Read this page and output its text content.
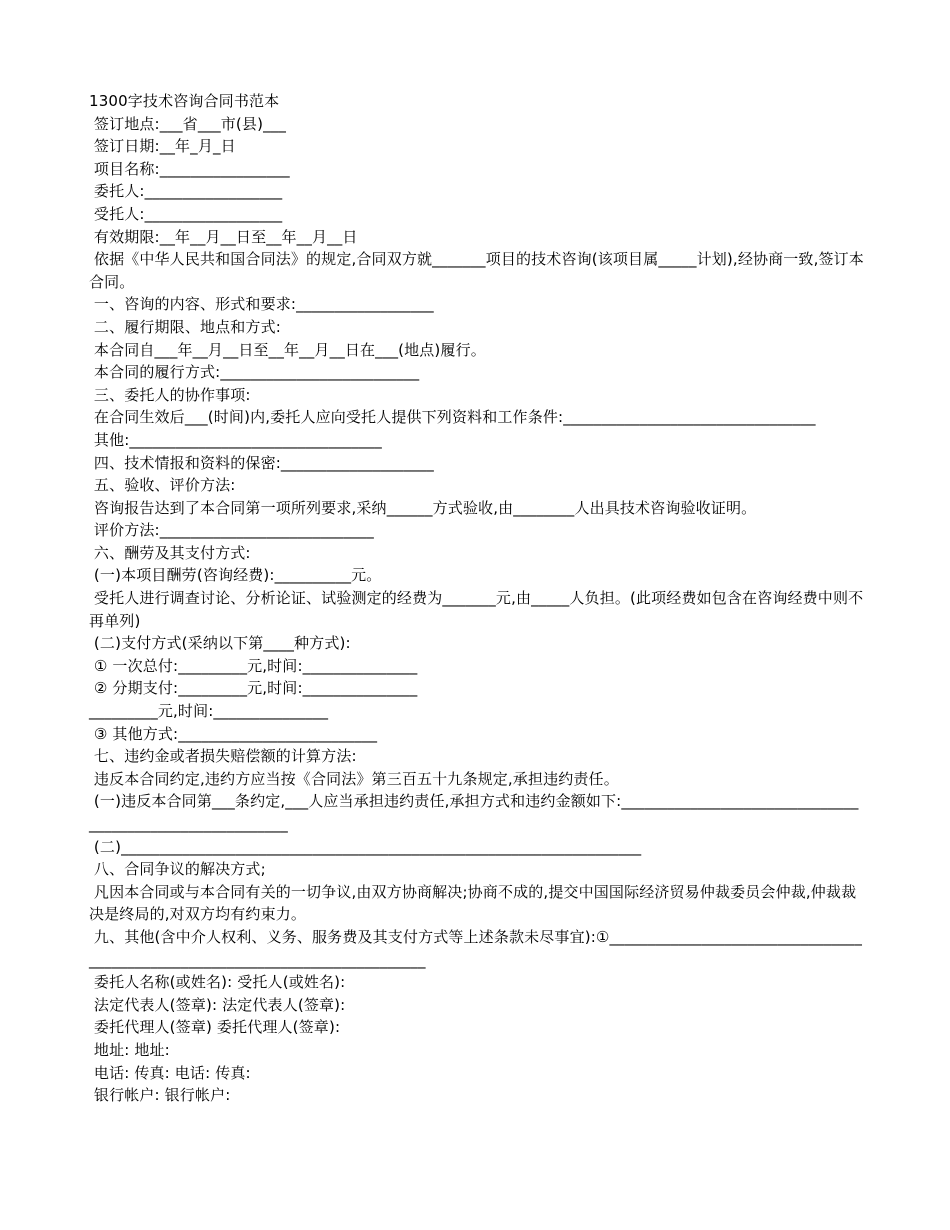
1300字技术咨询合同书范本

签订地点:___省___市(县)___

签订日期:__年_月_日

项目名称:_________________

委托人:__________________

受托人:__________________

有效期限:__年__月__日至__年__月__日

依据《中华人民共和国合同法》的规定,合同双方就_______项目的技术咨询(该项目属_____计划),经协商一致,签订本合同。

一、咨询的内容、形式和要求:__________________

二、履行期限、地点和方式:

本合同自___年__月__日至__年__月__日在___(地点)履行。

本合同的履行方式:__________________________

三、委托人的协作事项:

在合同生效后___(时间)内,委托人应向受托人提供下列资料和工作条件:_________________________________

其他:_________________________________

四、技术情报和资料的保密:____________________

五、验收、评价方法:

咨询报告达到了本合同第一项所列要求,采纳______方式验收,由________人出具技术咨询验收证明。

评价方法:____________________________

六、酬劳及其支付方式:

(一)本项目酬劳(咨询经费):__________元。

受托人进行调查讨论、分析论证、试验测定的经费为_______元,由_____人负担。(此项经费如包含在咨询经费中则不再单列)

(二)支付方式(采纳以下第____种方式):

① 一次总付:_________元,时间:_______________

② 分期支付:_________元,时间:_______________

_________元,时间:_______________

③ 其他方式:__________________________

七、违约金或者损失赔偿额的计算方法:

违反本合同约定,违约方应当按《合同法》第三百五十九条规定,承担违约责任。

(一)违反本合同第___条约定,___人应当承担违约责任,承担方式和违约金额如下:_________________________________________________________

(二)____________________________________________________________________

八、合同争议的解决方式;

凡因本合同或与本合同有关的一切争议,由双方协商解决;协商不成的,提交中国国际经济贸易仲裁委员会仲裁,仲裁裁决是终局的,对双方均有约束力。

九、其他(含中介人权利、义务、服务费及其支付方式等上述条款未尽事宜):①_____________________________________________________________________________

委托人名称(或姓名): 受托人(或姓名):

法定代表人(签章): 法定代表人(签章):

委托代理人(签章) 委托代理人(签章):

地址: 地址:

电话: 传真: 电话: 传真:

银行帐户: 银行帐户:
